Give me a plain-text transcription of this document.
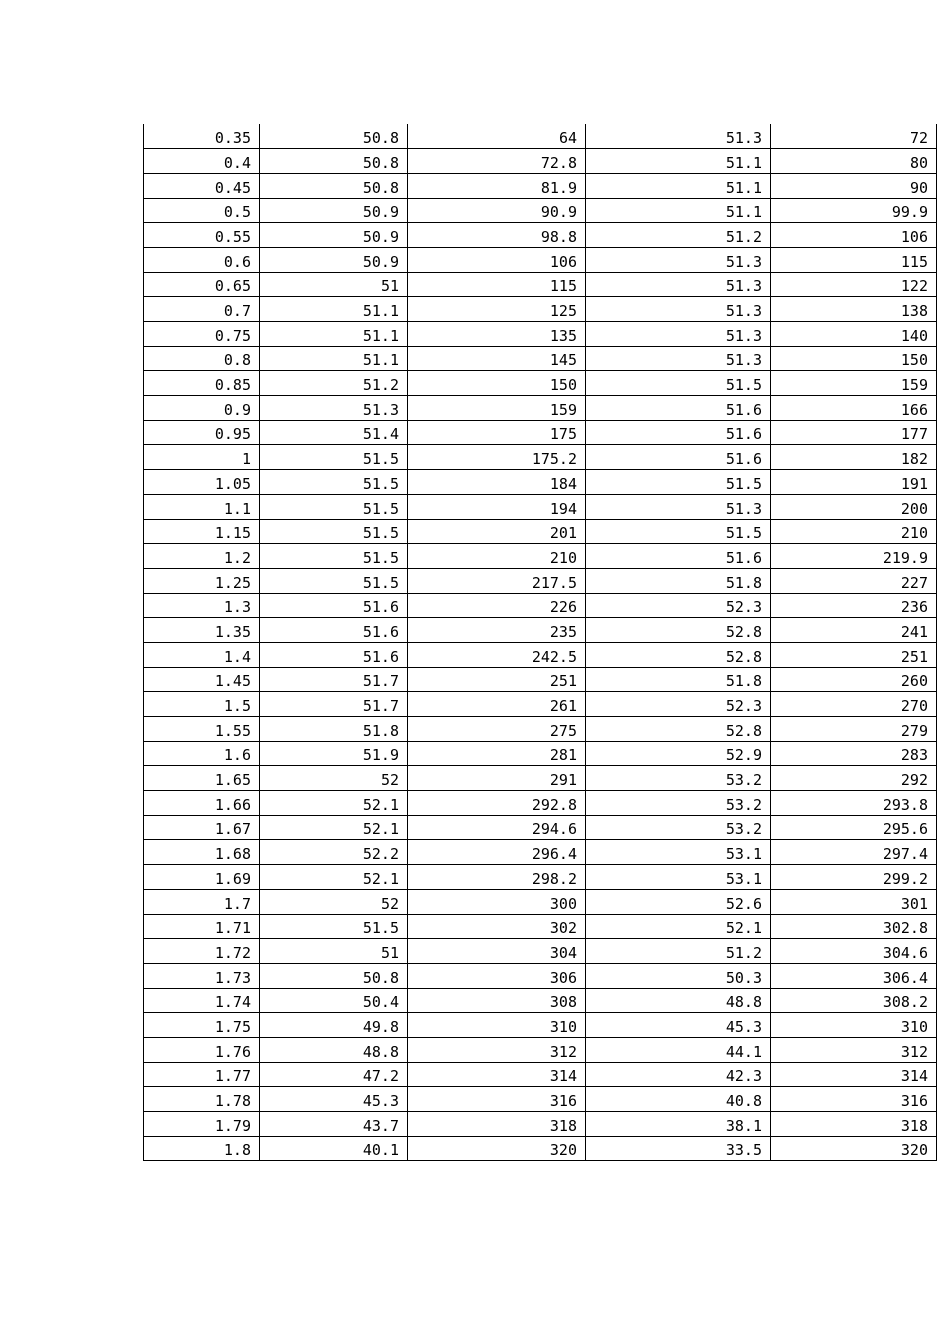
0.35	50.8	64	51.3	72
0.4	50.8	72.8	51.1	80
0.45	50.8	81.9	51.1	90
0.5	50.9	90.9	51.1	99.9
0.55	50.9	98.8	51.2	106
0.6	50.9	106	51.3	115
0.65	51	115	51.3	122
0.7	51.1	125	51.3	138
0.75	51.1	135	51.3	140
0.8	51.1	145	51.3	150
0.85	51.2	150	51.5	159
0.9	51.3	159	51.6	166
0.95	51.4	175	51.6	177
1	51.5	175.2	51.6	182
1.05	51.5	184	51.5	191
1.1	51.5	194	51.3	200
1.15	51.5	201	51.5	210
1.2	51.5	210	51.6	219.9
1.25	51.5	217.5	51.8	227
1.3	51.6	226	52.3	236
1.35	51.6	235	52.8	241
1.4	51.6	242.5	52.8	251
1.45	51.7	251	51.8	260
1.5	51.7	261	52.3	270
1.55	51.8	275	52.8	279
1.6	51.9	281	52.9	283
1.65	52	291	53.2	292
1.66	52.1	292.8	53.2	293.8
1.67	52.1	294.6	53.2	295.6
1.68	52.2	296.4	53.1	297.4
1.69	52.1	298.2	53.1	299.2
1.7	52	300	52.6	301
1.71	51.5	302	52.1	302.8
1.72	51	304	51.2	304.6
1.73	50.8	306	50.3	306.4
1.74	50.4	308	48.8	308.2
1.75	49.8	310	45.3	310
1.76	48.8	312	44.1	312
1.77	47.2	314	42.3	314
1.78	45.3	316	40.8	316
1.79	43.7	318	38.1	318
1.8	40.1	320	33.5	320
